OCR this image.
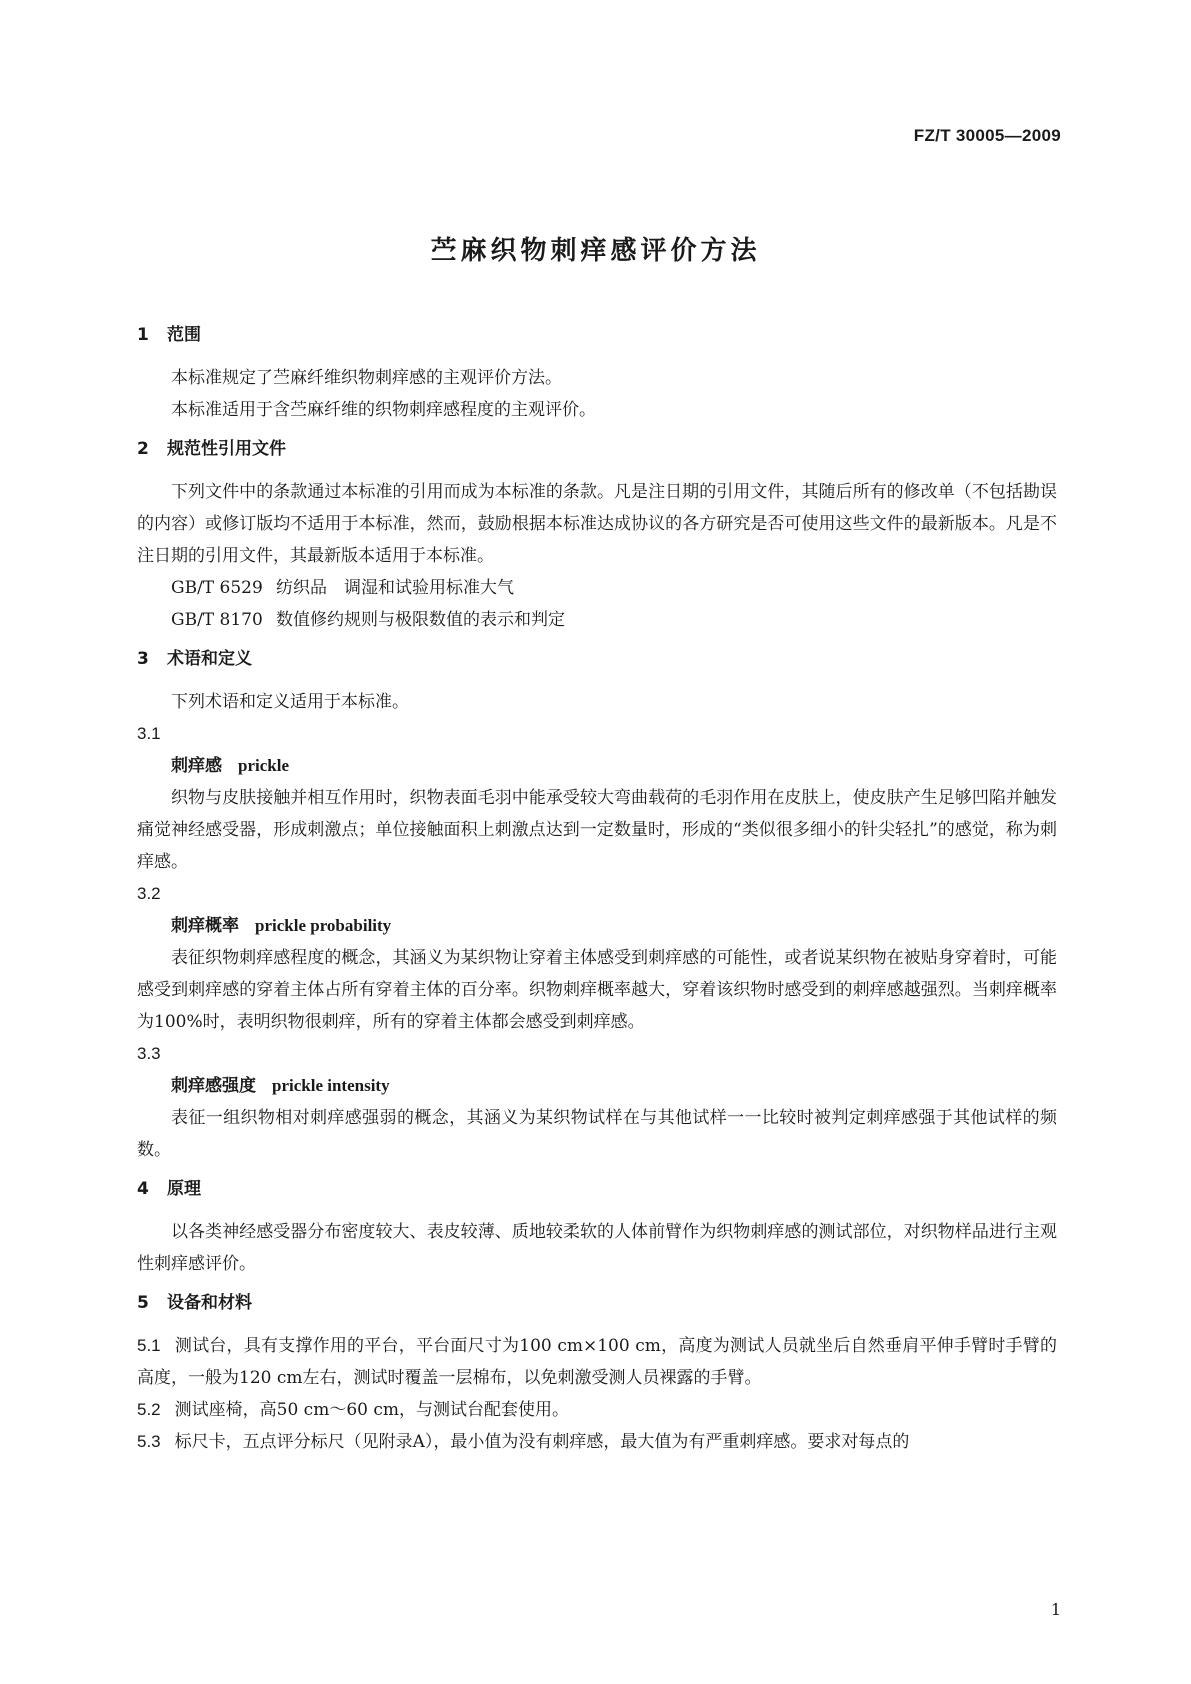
FZ/T 30005—2009
苎麻织物刺痒感评价方法
1 范围

本标准规定了苎麻纤维织物刺痒感的主观评价方法。

本标准适用于含苎麻纤维的织物刺痒感程度的主观评价。

2 规范性引用文件

下列文件中的条款通过本标准的引用而成为本标准的条款。凡是注日期的引用文件，其随后所有的修改单（不包括勘误的内容）或修订版均不适用于本标准，然而，鼓励根据本标准达成协议的各方研究是否可使用这些文件的最新版本。凡是不注日期的引用文件，其最新版本适用于本标准。

GB/T 6529 纺织品　调湿和试验用标准大气

GB/T 8170 数值修约规则与极限数值的表示和判定

3 术语和定义

下列术语和定义适用于本标准。

3.1

刺痒感 prickle

织物与皮肤接触并相互作用时，织物表面毛羽中能承受较大弯曲载荷的毛羽作用在皮肤上，使皮肤产生足够凹陷并触发痛觉神经感受器，形成刺激点；单位接触面积上刺激点达到一定数量时，形成的“类似很多细小的针尖轻扎”的感觉，称为刺痒感。

3.2

刺痒概率 prickle probability

表征织物刺痒感程度的概念，其涵义为某织物让穿着主体感受到刺痒感的可能性，或者说某织物在被贴身穿着时，可能感受到刺痒感的穿着主体占所有穿着主体的百分率。织物刺痒概率越大，穿着该织物时感受到的刺痒感越强烈。当刺痒概率为100%时，表明织物很刺痒，所有的穿着主体都会感受到刺痒感。

3.3

刺痒感强度 prickle intensity

表征一组织物相对刺痒感强弱的概念，其涵义为某织物试样在与其他试样一一比较时被判定刺痒感强于其他试样的频数。

4 原理

以各类神经感受器分布密度较大、表皮较薄、质地较柔软的人体前臂作为织物刺痒感的测试部位，对织物样品进行主观性刺痒感评价。

5 设备和材料

5.1 测试台，具有支撑作用的平台，平台面尺寸为100 cm×100 cm，高度为测试人员就坐后自然垂肩平伸手臂时手臂的高度，一般为120 cm左右，测试时覆盖一层棉布，以免刺激受测人员裸露的手臂。

5.2 测试座椅，高50 cm～60 cm，与测试台配套使用。

5.3 标尺卡，五点评分标尺（见附录A），最小值为没有刺痒感，最大值为有严重刺痒感。要求对每点的

1
